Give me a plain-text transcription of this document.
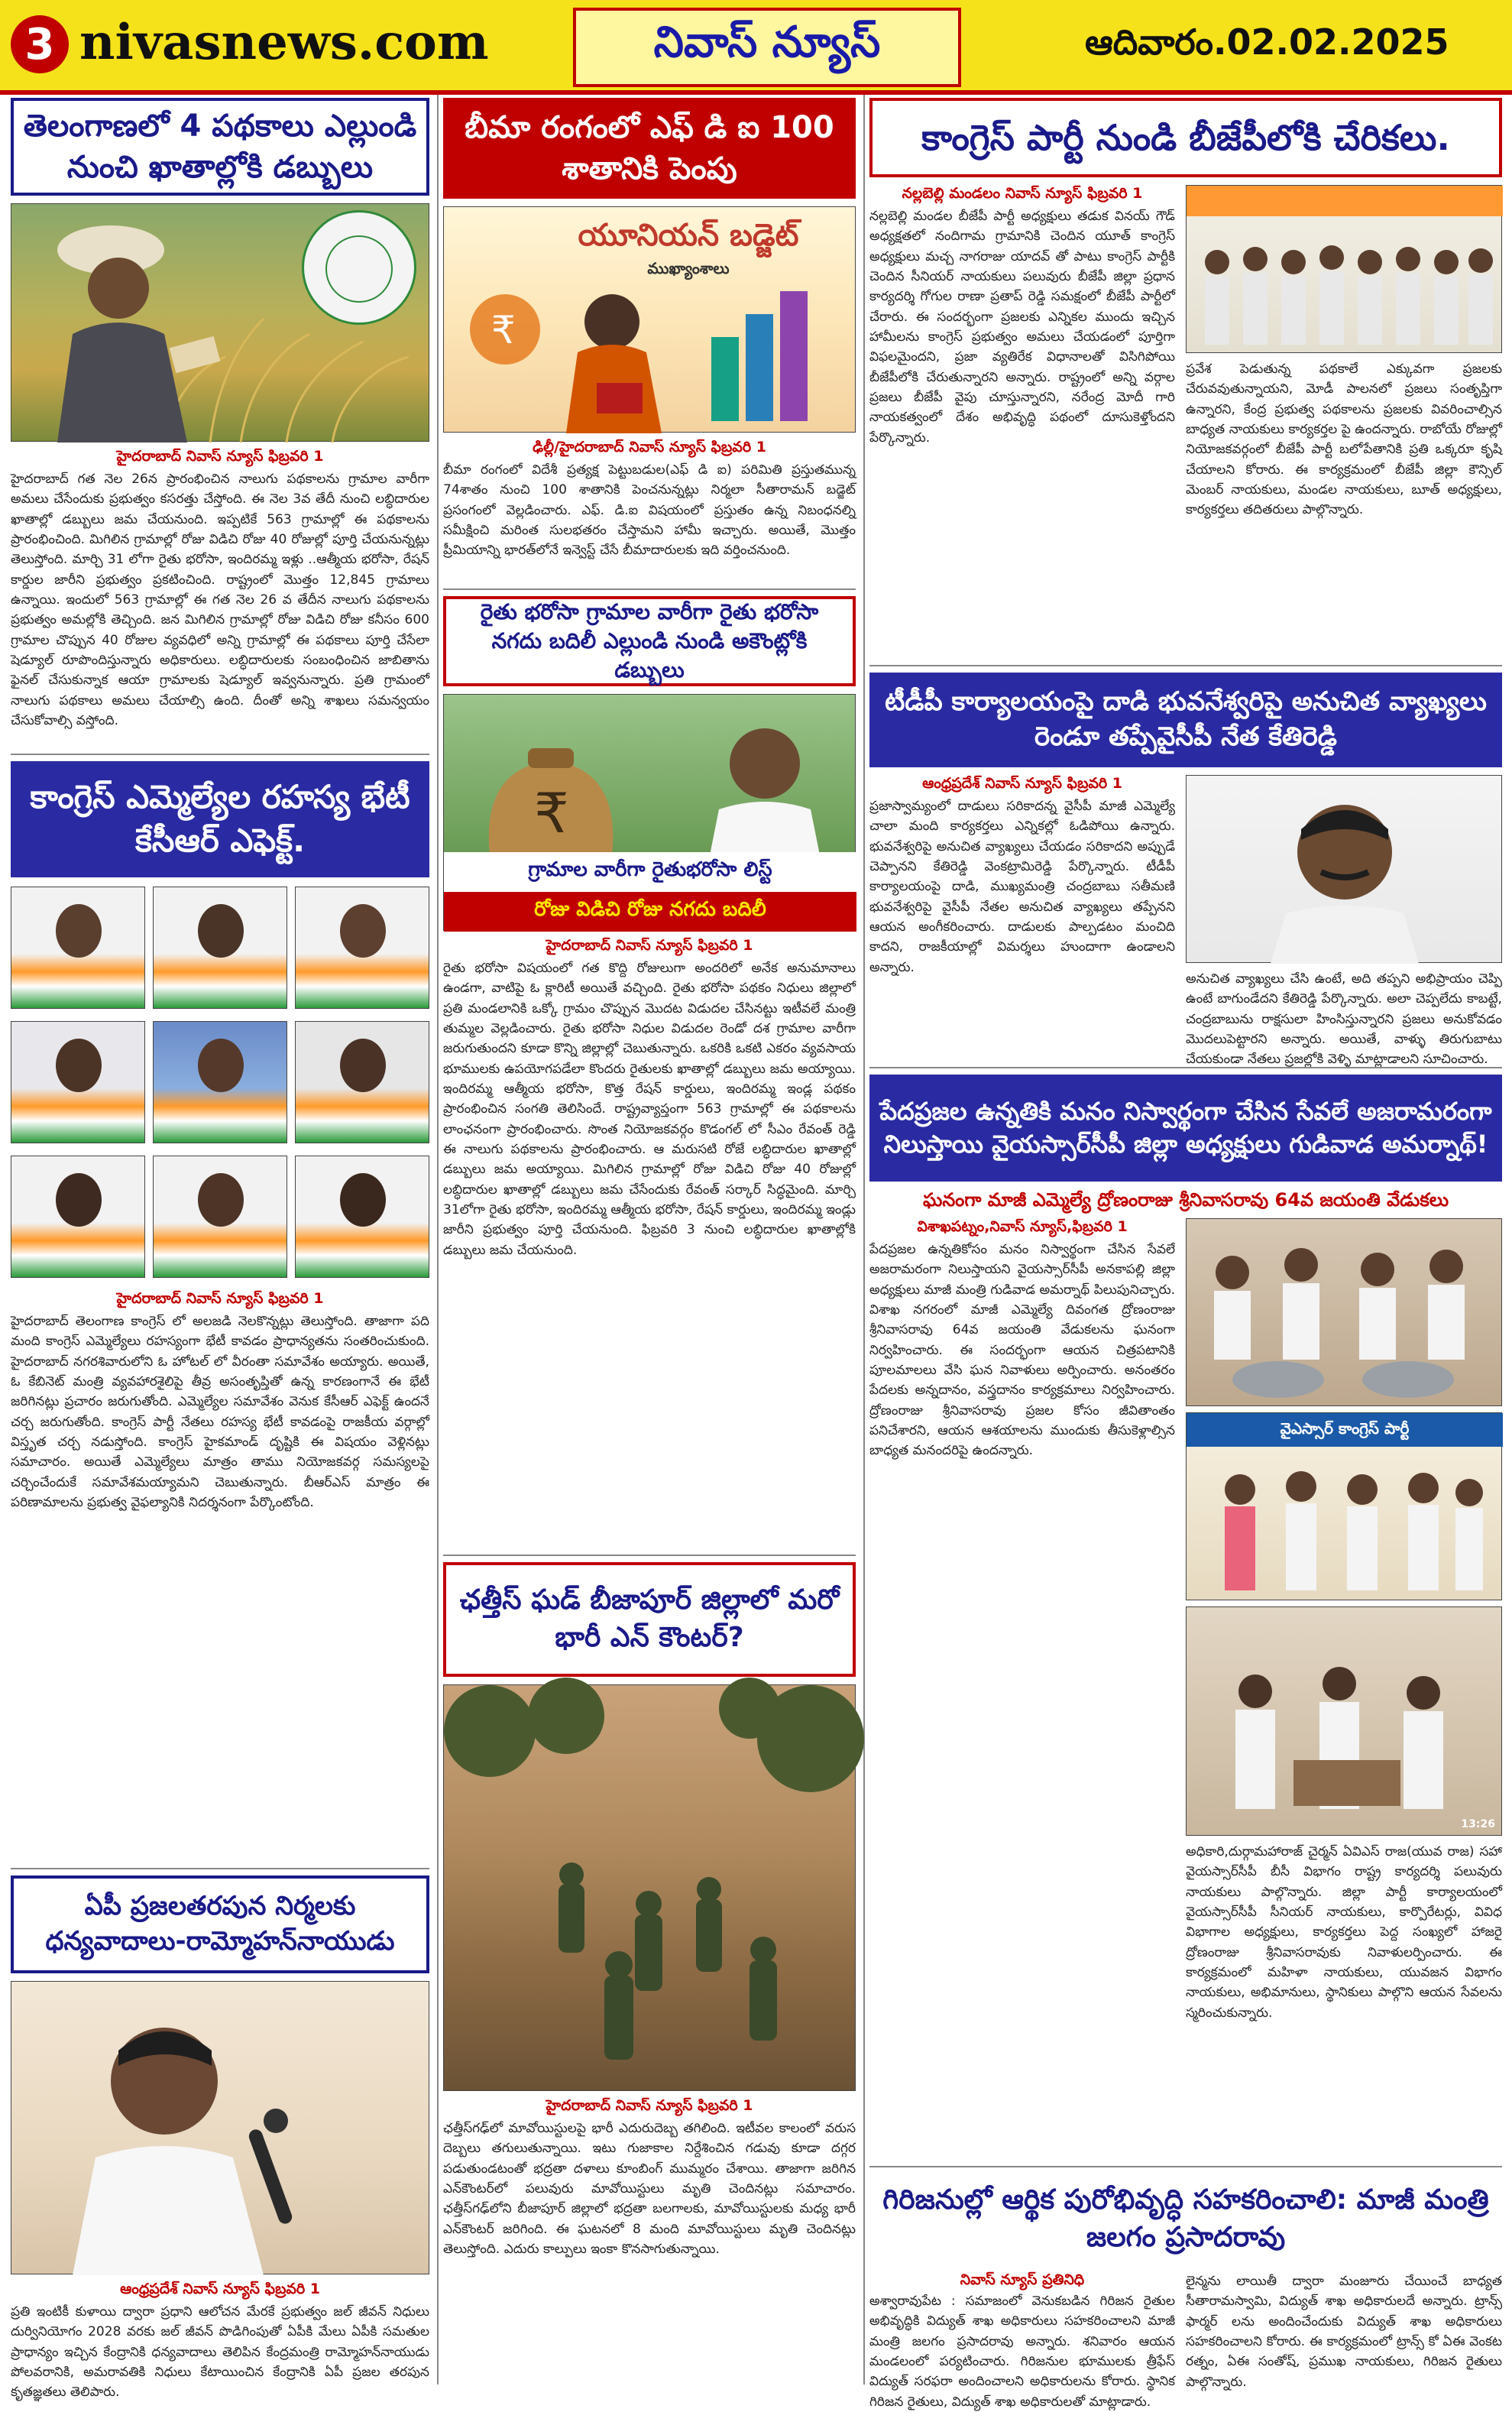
3 nivasnews.com	నివాస్ న్యూస్	ఆదివారం.02.02.2025
తెలంగాణలో 4 పథకాలు ఎల్లుండి నుంచి ఖాతాల్లోకి డబ్బులు
హైదరాబాద్ నివాస్ న్యూస్ ఫిబ్రవరి 1
హైదరాబాద్ గత నెల 26న ప్రారంభించిన నాలుగు పథకాలను గ్రామాల వారీగా అమలు చేసేందుకు ప్రభుత్వం కసరత్తు చేస్తోంది. ఈ నెల 3వ తేదీ నుంచి లబ్ధిదారుల ఖాతాల్లో డబ్బులు జమ చేయనుంది. ఇప్పటికే 563 గ్రామాల్లో ఈ పథకాలను ప్రారంభించింది. మిగిలిన గ్రామాల్లో రోజు విడిచి రోజు 40 రోజుల్లో పూర్తి చేయనున్నట్లు తెలుస్తోంది. మార్చి 31 లోగా రైతు భరోసా, ఇందిరమ్మ ఇళ్లు ..ఆత్మీయ భరోసా, రేషన్ కార్డుల జారీని ప్రభుత్వం ప్రకటించింది. రాష్ట్రంలో మొత్తం 12,845 గ్రామాలు ఉన్నాయి. ఇందులో 563 గ్రామాల్లో ఈ గత నెల 26 వ తేదీన నాలుగు పథకాలను ప్రభుత్వం అమల్లోకి తెచ్చింది. జన మిగిలిన గ్రామాల్లో రోజు విడిచి రోజు కనీసం 600 గ్రామాల చొప్పున 40 రోజుల వ్యవధిలో అన్ని గ్రామాల్లో ఈ పథకాలు పూర్తి చేసేలా షెడ్యూల్ రూపొందిస్తున్నారు అధికారులు. లబ్ధిదారులకు సంబంధించిన జాబితాను ఫైనల్ చేసుకున్నాక ఆయా గ్రామాలకు షెడ్యూల్ ఇవ్వనున్నారు. ప్రతి గ్రామంలో నాలుగు పథకాలు అమలు చేయాల్సి ఉంది. దీంతో అన్ని శాఖలు సమన్వయం చేసుకోవాల్సి వస్తోంది.
కాంగ్రెస్ ఎమ్మెల్యేల రహస్య భేటీ కేసీఆర్ ఎఫెక్ట్.
హైదరాబాద్ నివాస్ న్యూస్ ఫిబ్రవరి 1
హైదరాబాద్ తెలంగాణ కాంగ్రెస్ లో అలజడి నెలకొన్నట్లు తెలుస్తోంది. తాజాగా పది మంది కాంగ్రెస్ ఎమ్మెల్యేలు రహస్యంగా భేటీ కావడం ప్రాధాన్యతను సంతరించుకుంది. హైదరాబాద్ నగరశివారులోని ఓ హోటల్ లో వీరంతా సమావేశం అయ్యారు. అయితే, ఓ కేబినెట్ మంత్రి వ్యవహారశైలిపై తీవ్ర అసంతృప్తితో ఉన్న కారణంగానే ఈ భేటీ జరిగినట్లు ప్రచారం జరుగుతోంది. ఎమ్మెల్యేల సమావేశం వెనుక కేసీఆర్ ఎఫెక్ట్ ఉందనే చర్చ జరుగుతోంది. కాంగ్రెస్ పార్టీ నేతలు రహస్య భేటీ కావడంపై రాజకీయ వర్గాల్లో విస్తృత చర్చ నడుస్తోంది. కాంగ్రెస్ హైకమాండ్ దృష్టికి ఈ విషయం వెళ్లినట్లు సమాచారం. అయితే ఎమ్మెల్యేలు మాత్రం తాము నియోజకవర్గ సమస్యలపై చర్చించేందుకే సమావేశమయ్యామని చెబుతున్నారు. బీఆర్ఎస్ మాత్రం ఈ పరిణామాలను ప్రభుత్వ వైఫల్యానికి నిదర్శనంగా పేర్కొంటోంది.
ఏపీ ప్రజలతరపున నిర్మలకు ధన్యవాదాలు-రామ్మోహన్‌నాయుడు
ఆంధ్రప్రదేశ్ నివాస్ న్యూస్ ఫిబ్రవరి 1
ప్రతి ఇంటికీ కుళాయి ద్వారా ప్రధాని ఆలోచన మేరకే ప్రభుత్వం జల్ జీవన్ నిధులు దుర్వినియోగం 2028 వరకు జల్ జీవన్ పొడిగింపుతో ఏపీకి మేలు ఏపీకి సమతుల ప్రాధాన్యం ఇచ్చిన కేంద్రానికి ధన్యవాదాలు తెలిపిన కేంద్రమంత్రి రామ్మోహన్‌నాయుడు పోలవరానికి, అమరావతికి నిధులు కేటాయించిన కేంద్రానికి ఏపీ ప్రజల తరపున కృతజ్ఞతలు తెలిపారు.
బీమా రంగంలో ఎఫ్ డి ఐ 100 శాతానికి పెంపు
యూనియన్ బడ్జెట్
ముఖ్యాంశాలు
₹
ఢిల్లీ/హైదరాబాద్ నివాస్ న్యూస్ ఫిబ్రవరి 1
బీమా రంగంలో విదేశీ ప్రత్యక్ష పెట్టుబడుల(ఎఫ్ డి ఐ) పరిమితి ప్రస్తుతమున్న 74శాతం నుంచి 100 శాతానికి పెంచనున్నట్లు నిర్మలా సీతారామన్ బడ్జెట్ ప్రసంగంలో వెల్లడించారు. ఎఫ్. డి.ఐ విషయంలో ప్రస్తుతం ఉన్న నిబంధనల్ని సమీక్షించి మరింత సులభతరం చేస్తామని హామీ ఇచ్చారు. అయితే, మొత్తం ప్రీమియాన్ని భారత్‌లోనే ఇన్వెస్ట్ చేసే బీమాదారులకు ఇది వర్తించనుంది.
రైతు భరోసా గ్రామాల వారీగా రైతు భరోసా నగదు బదిలీ ఎల్లుండి నుండి అకౌంట్లోకి డబ్బులు
₹
గ్రామాల వారీగా రైతుభరోసా లిస్ట్
రోజు విడిచి రోజు నగదు బదిలీ
హైదరాబాద్ నివాస్ న్యూస్ ఫిబ్రవరి 1
రైతు భరోసా విషయంలో గత కొద్ది రోజులుగా అందరిలో అనేక అనుమానాలు ఉండగా, వాటిపై ఓ క్లారిటీ అయితే వచ్చింది. రైతు భరోసా పథకం నిధులు జిల్లాలో ప్రతి మండలానికి ఒక్కో గ్రామం చొప్పున మొదట విడుదల చేసినట్టు ఇటీవలే మంత్రి తుమ్మల వెల్లడించారు. రైతు భరోసా నిధుల విడుదల రెండో దశ గ్రామాల వారీగా జరుగుతుందని కూడా కొన్ని జిల్లాల్లో చెబుతున్నారు. ఒకరికి ఒకటి ఎకరం వ్యవసాయ భూములకు ఉపయోగపడేలా కొందరు రైతులకు ఖాతాల్లో డబ్బులు జమ అయ్యాయి. ఇందిరమ్మ ఆత్మీయ భరోసా, కొత్త రేషన్ కార్డులు, ఇందిరమ్మ ఇండ్ల పథకం ప్రారంభించిన సంగతి తెలిసిందే. రాష్ట్రవ్యాప్తంగా 563 గ్రామాల్లో ఈ పథకాలను లాంఛనంగా ప్రారంభించారు. సొంత నియోజకవర్గం కొడంగల్ లో సీఎం రేవంత్ రెడ్డి ఈ నాలుగు పథకాలను ప్రారంభించారు. ఆ మరుసటి రోజే లబ్ధిదారుల ఖాతాల్లో డబ్బులు జమ అయ్యాయి. మిగిలిన గ్రామాల్లో రోజు విడిచి రోజు 40 రోజుల్లో లబ్ధిదారుల ఖాతాల్లో డబ్బులు జమ చేసేందుకు రేవంత్ సర్కార్ సిద్ధమైంది. మార్చి 31లోగా రైతు భరోసా, ఇందిరమ్మ ఆత్మీయ భరోసా, రేషన్ కార్డులు, ఇందిరమ్మ ఇండ్లు జారీని ప్రభుత్వం పూర్తి చేయనుంది. ఫిబ్రవరి 3 నుంచి లబ్ధిదారుల ఖాతాల్లోకి డబ్బులు జమ చేయనుంది.
ఛత్తీస్ ఘడ్ బీజాపూర్ జిల్లాలో మరో భారీ ఎన్ కౌంటర్?
హైదరాబాద్ నివాస్ న్యూస్ ఫిబ్రవరి 1
ఛత్తీస్‌గఢ్‌లో మావోయిస్టులపై భారీ ఎదురుదెబ్బ తగిలింది. ఇటీవల కాలంలో వరుస దెబ్బలు తగులుతున్నాయి. ఇటు గుజాకాల నిర్దేశించిన గడువు కూడా దగ్గర పడుతుండటంతో భద్రతా దళాలు కూంబింగ్ ముమ్మరం చేశాయి. తాజాగా జరిగిన ఎన్‌కౌంటర్‌లో పలువురు మావోయిస్టులు మృతి చెందినట్లు సమాచారం. ఛత్తీస్‌గఢ్‌లోని బీజాపూర్ జిల్లాలో భద్రతా బలగాలకు, మావోయిస్టులకు మధ్య భారీ ఎన్‌కౌంటర్ జరిగింది. ఈ ఘటనలో 8 మంది మావోయిస్టులు మృతి చెందినట్లు తెలుస్తోంది. ఎదురు కాల్పులు ఇంకా కొనసాగుతున్నాయి.
కాంగ్రెస్ పార్టీ నుండి బీజేపీలోకి చేరికలు.
నల్లబెల్లి మండలం నివాస్ న్యూస్ ఫిబ్రవరి 1
నల్లబెల్లి మండల బీజేపీ పార్టీ అధ్యక్షులు తడుక వినయ్ గౌడ్ అధ్యక్షతలో నందిగామ గ్రామానికి చెందిన యూత్ కాంగ్రెస్ అధ్యక్షులు మచ్చ నాగరాజు యాదవ్ తో పాటు కాంగ్రెస్ పార్టీకి చెందిన సీనియర్ నాయకులు పలువురు బీజేపీ జిల్లా ప్రధాన కార్యదర్శి గోగుల రాణా ప్రతాప్ రెడ్డి సమక్షంలో బీజేపీ పార్టీలో చేరారు. ఈ సందర్భంగా ప్రజలకు ఎన్నికల ముందు ఇచ్చిన హామీలను కాంగ్రెస్ ప్రభుత్వం అమలు చేయడంలో పూర్తిగా విఫలమైందని, ప్రజా వ్యతిరేక విధానాలతో విసిగిపోయి బీజేపీలోకి చేరుతున్నారని అన్నారు. రాష్ట్రంలో అన్ని వర్గాల ప్రజలు బీజేపీ వైపు చూస్తున్నారని, నరేంద్ర మోదీ గారి నాయకత్వంలో దేశం అభివృద్ధి పథంలో దూసుకెళ్తోందని పేర్కొన్నారు.
ప్రవేశ పెడుతున్న పథకాలే ఎక్కువగా ప్రజలకు చేరువవుతున్నాయని, మోడీ పాలనలో ప్రజలు సంతృప్తిగా ఉన్నారని, కేంద్ర ప్రభుత్వ పథకాలను ప్రజలకు వివరించాల్సిన బాధ్యత నాయకులు కార్యకర్తల పై ఉందన్నారు. రాబోయే రోజుల్లో నియోజకవర్గంలో బీజేపీ పార్టీ బలోపేతానికి ప్రతి ఒక్కరూ కృషి చేయాలని కోరారు. ఈ కార్యక్రమంలో బీజేపీ జిల్లా కౌన్సిల్ మెంబర్ నాయకులు, మండల నాయకులు, బూత్ అధ్యక్షులు, కార్యకర్తలు తదితరులు పాల్గొన్నారు.
టీడీపీ కార్యాలయంపై దాడి భువనేశ్వరిపై అనుచిత వ్యాఖ్యలు రెండూ తప్పేవైసీపీ నేత కేతిరెడ్డి
ఆంధ్రప్రదేశ్ నివాస్ న్యూస్ ఫిబ్రవరి 1
ప్రజాస్వామ్యంలో దాడులు సరికాదన్న వైసీపీ మాజీ ఎమ్మెల్యే చాలా మంది కార్యకర్తలు ఎన్నికల్లో ఓడిపోయి ఉన్నారు. భువనేశ్వరిపై అనుచిత వ్యాఖ్యలు చేయడం సరికాదని అప్పుడే చెప్పానని కేతిరెడ్డి వెంకట్రామిరెడ్డి పేర్కొన్నారు. టీడీపీ కార్యాలయంపై దాడి, ముఖ్యమంత్రి చంద్రబాబు సతీమణి భువనేశ్వరిపై వైసీపీ నేతల అనుచిత వ్యాఖ్యలు తప్పేనని ఆయన అంగీకరించారు. దాడులకు పాల్పడటం మంచిది కాదని, రాజకీయాల్లో విమర్శలు హుందాగా ఉండాలని అన్నారు.
అనుచిత వ్యాఖ్యలు చేసి ఉంటే, అది తప్పని అభిప్రాయం చెప్పి ఉంటే బాగుండేదని కేతిరెడ్డి పేర్కొన్నారు. అలా చెప్పలేదు కాబట్టే, చంద్రబాబును రాక్షసులా హింసిస్తున్నారని ప్రజలు అనుకోవడం మొదలుపెట్టారని అన్నారు. అయితే, వాళ్ళు తిరుగుబాటు చేయకుండా నేతలు ప్రజల్లోకి వెళ్ళి మాట్లాడాలని సూచించారు.
పేదప్రజల ఉన్నతికి మనం నిస్వార్థంగా చేసిన సేవలే అజరామరంగా నిలుస్తాయి వైయస్సార్‌సీపీ జిల్లా అధ్యక్షులు గుడివాడ అమర్నాథ్!
ఘనంగా మాజీ ఎమ్మెల్యే ద్రోణంరాజు శ్రీనివాసరావు 64వ జయంతి వేడుకలు
విశాఖపట్నం,నివాస్ న్యూస్,ఫిబ్రవరి 1
పేదప్రజల ఉన్నతికోసం మనం నిస్వార్థంగా చేసిన సేవలే అజరామరంగా నిలుస్తాయని వైయస్సార్‌సీపీ అనకాపల్లి జిల్లా అధ్యక్షులు మాజీ మంత్రి గుడివాడ అమర్నాథ్ పిలుపునిచ్చారు. విశాఖ నగరంలో మాజీ ఎమ్మెల్యే దివంగత ద్రోణంరాజు శ్రీనివాసరావు 64వ జయంతి వేడుకలను ఘనంగా నిర్వహించారు. ఈ సందర్భంగా ఆయన చిత్రపటానికి పూలమాలలు వేసి ఘన నివాళులు అర్పించారు. అనంతరం పేదలకు అన్నదానం, వస్త్రదానం కార్యక్రమాలు నిర్వహించారు. ద్రోణంరాజు శ్రీనివాసరావు ప్రజల కోసం జీవితాంతం పనిచేశారని, ఆయన ఆశయాలను ముందుకు తీసుకెళ్లాల్సిన బాధ్యత మనందరిపై ఉందన్నారు.
వైఎస్సార్ కాంగ్రెస్ పార్టీ
13:26
అధికారి,దుర్గామహారాజ్ చైర్మన్ ఏవిఎస్ రాజ(యువ రాజ) సహా వైయస్సార్‌సీపీ బీసీ విభాగం రాష్ట్ర కార్యదర్శి పలువురు నాయకులు పాల్గొన్నారు. జిల్లా పార్టీ కార్యాలయంలో వైయస్సార్‌సీపీ సీనియర్ నాయకులు, కార్పొరేటర్లు, వివిధ విభాగాల అధ్యక్షులు, కార్యకర్తలు పెద్ద సంఖ్యలో హాజరై ద్రోణంరాజు శ్రీనివాసరావుకు నివాళులర్పించారు. ఈ కార్యక్రమంలో మహిళా నాయకులు, యువజన విభాగం నాయకులు, అభిమానులు, స్థానికులు పాల్గొని ఆయన సేవలను స్మరించుకున్నారు.
గిరిజనుల్లో ఆర్థిక పురోభివృద్ధి సహకరించాలి: మాజీ మంత్రి జలగం ప్రసాదరావు
నివాస్ న్యూస్ ప్రతినిధి
అశ్వారావుపేట : సమాజంలో వెనుకబడిన గిరిజన రైతుల అభివృద్ధికి విద్యుత్ శాఖ అధికారులు సహకరించాలని మాజీ మంత్రి జలగం ప్రసాదరావు అన్నారు. శనివారం ఆయన మండలంలో పర్యటించారు. గిరిజనుల భూములకు త్రీఫేస్ విద్యుత్ సరఫరా అందించాలని అధికారులను కోరారు. స్థానిక గిరిజన రైతులు, విద్యుత్ శాఖ అధికారులతో మాట్లాడారు.
లైన్మను లాయితీ ద్వారా మంజూరు చేయించే బాధ్యత సీతారామస్వామి, విద్యుత్ శాఖ అధికారులదే అన్నారు. ట్రాన్స్ ఫార్మర్ లను అందించేందుకు విద్యుత్ శాఖ అధికారులు సహకరించాలని కోరారు. ఈ కార్యక్రమంలో ట్రాన్స్ కో ఏఈ వెంకట రత్నం, ఏఈ సంతోష్, ప్రముఖ నాయకులు, గిరిజన రైతులు పాల్గొన్నారు.
